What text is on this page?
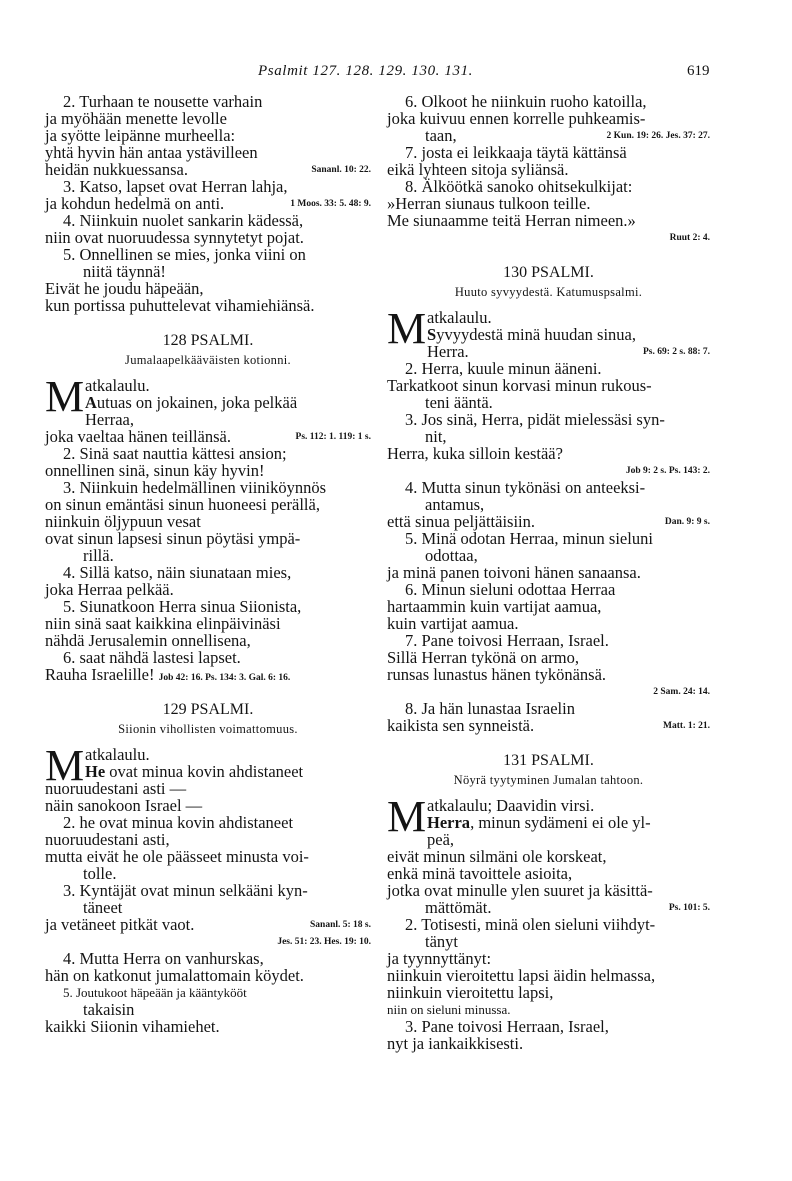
Psalmit 127. 128. 129. 130. 131.	619
2. Turhaan te nousette varhain
ja myöhään menette levolle
ja syötte leipänne murheella:
yhtä hyvin hän antaa ystävilleen
heidän nukkuessansa.	Sananl. 10: 22.
3. Katso, lapset ovat Herran lahja,
ja kohdun hedelmä on anti.	1 Moos. 33: 5. 48: 9.
4. Niinkuin nuolet sankarin kädessä,
niin ovat nuoruudessa synnytetyt pojat.
5. Onnellinen se mies, jonka viini on
niitä täynnä!
Eivät he joudu häpeään,
kun portissa puhuttelevat vihamiehiänsä.
128 PSALMI.
Jumalaapelkääväisten kotionni.
M atkalaulu.
Autuas on jokainen, joka pelkää
Herraa,
joka vaeltaa hänen teillänsä.	Ps. 112: 1. 119: 1 s.
2. Sinä saat nauttia kättesi ansion;
onnellinen sinä, sinun käy hyvin!
3. Niinkuin hedelmällinen viiniköynnös
on sinun emäntäsi sinun huoneesi perällä,
niinkuin öljypuun vesat
ovat sinun lapsesi sinun pöytäsi ympä-
rillä.
4. Sillä katso, näin siunataan mies,
joka Herraa pelkää.
5. Siunatkoon Herra sinua Siionista,
niin sinä saat kaikkina elinpäivinäsi
nähdä Jerusalemin onnellisena,
6. saat nähdä lastesi lapset.
Rauha Israelille! Job 42: 16. Ps. 134: 3. Gal. 6: 16.
129 PSALMI.
Siionin vihollisten voimattomuus.
M atkalaulu.
He ovat minua kovin ahdistaneet
nuoruudestani asti —
näin sanokoon Israel —
2. he ovat minua kovin ahdistaneet
nuoruudestani asti,
mutta eivät he ole päässeet minusta voi-
tolle.
3. Kyntäjät ovat minun selkääni kyn-
täneet
ja vetäneet pitkät vaot.	Sananl. 5: 18 s.
Jes. 51: 23. Hes. 19: 10.
4. Mutta Herra on vanhurskas,
hän on katkonut jumalattomain köydet.
5. Joutukoot häpeään ja kääntykööt
takaisin
kaikki Siionin vihamiehet.
6. Olkoot he niinkuin ruoho katoilla,
joka kuivuu ennen korrelle puhkeamis-
taan,	2 Kun. 19: 26. Jes. 37: 27.
7. josta ei leikkaaja täytä kättänsä
eikä lyhteen sitoja syliänsä.
8. Älköötkä sanoko ohitsekulkijat:
»Herran siunaus tulkoon teille.
Me siunaamme teitä Herran nimeen.»
Ruut 2: 4.
130 PSALMI.
Huuto syvyydestä. Katumuspsalmi.
M atkalaulu.
Syvyydestä minä huudan sinua,
Herra.	Ps. 69: 2 s. 88: 7.
2. Herra, kuule minun ääneni.
Tarkatkoot sinun korvasi minun rukous-
teni ääntä.
3. Jos sinä, Herra, pidät mielessäsi syn-
nit,
Herra, kuka silloin kestää?
Job 9: 2 s. Ps. 143: 2.
4. Mutta sinun tykönäsi on anteeksi-
antamus,
että sinua peljättäisiin.	Dan. 9: 9 s.
5. Minä odotan Herraa, minun sieluni
odottaa,
ja minä panen toivoni hänen sanaansa.
6. Minun sieluni odottaa Herraa
hartaammin kuin vartijat aamua,
kuin vartijat aamua.
7. Pane toivosi Herraan, Israel.
Sillä Herran tykönä on armo,
runsas lunastus hänen tykönänsä.
2 Sam. 24: 14.
8. Ja hän lunastaa Israelin
kaikista sen synneistä.	Matt. 1: 21.
131 PSALMI.
Nöyrä tyytyminen Jumalan tahtoon.
M atkalaulu; Daavidin virsi.
Herra, minun sydämeni ei ole yl-
peä,
eivät minun silmäni ole korskeat,
enkä minä tavoittele asioita,
jotka ovat minulle ylen suuret ja käsittä-
mättömät.	Ps. 101: 5.
2. Totisesti, minä olen sieluni viihdyt-
tänyt
ja tyynnyttänyt:
niinkuin vieroitettu lapsi äidin helmassa,
niinkuin vieroitettu lapsi,
niin on sieluni minussa.
3. Pane toivosi Herraan, Israel,
nyt ja iankaikkisesti.
